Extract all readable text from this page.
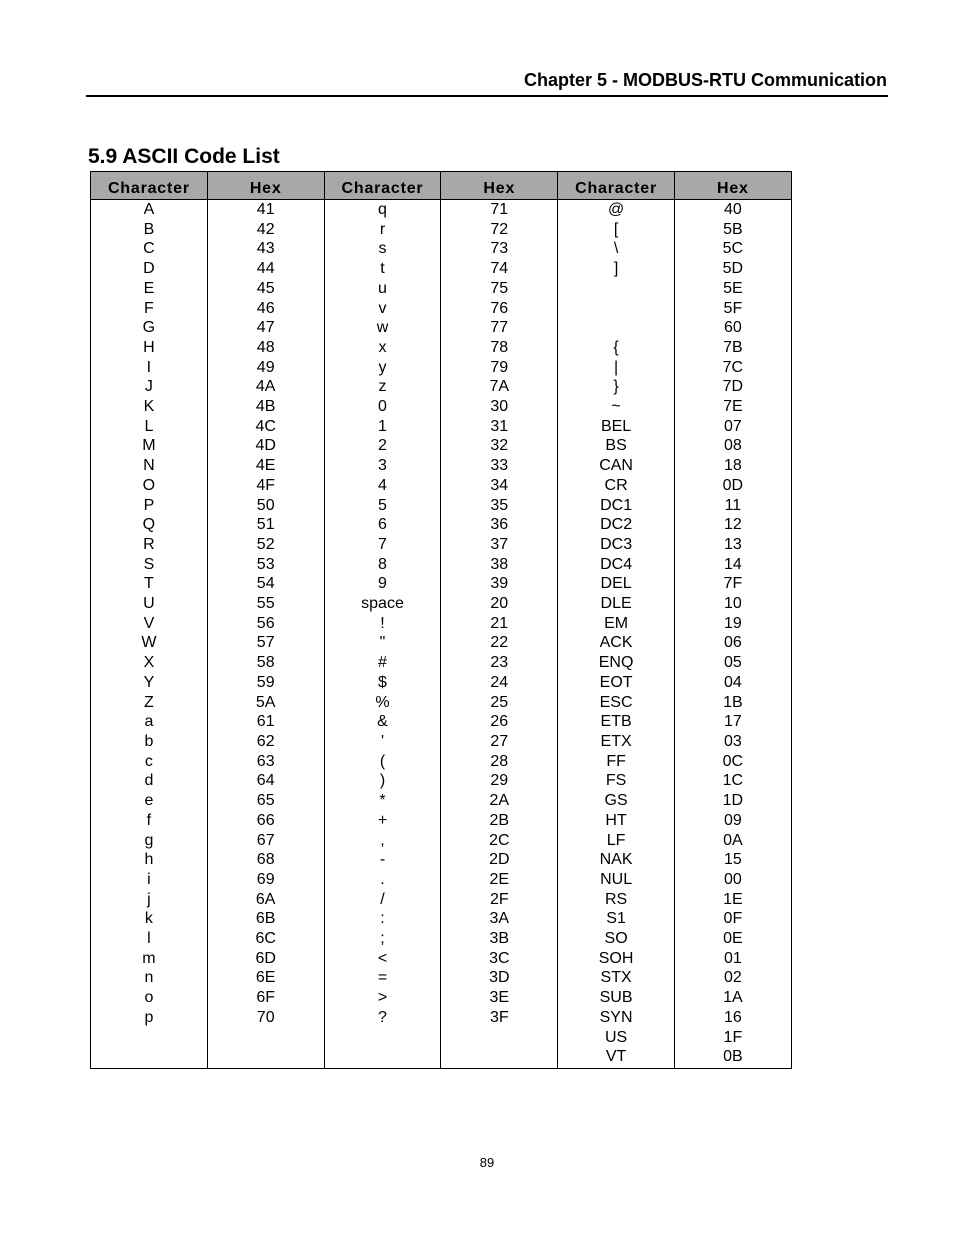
Chapter 5 - MODBUS-RTU Communication
5.9 ASCII Code List
Character	Hex	Character	Hex	Character	Hex
A	41	q	71	@	40
B	42	r	72	[	5B
C	43	s	73	\	5C
D	44	t	74	]	5D
E	45	u	75		5E
F	46	v	76		5F
G	47	w	77		60
H	48	x	78	{	7B
I	49	y	79	|	7C
J	4A	z	7A	}	7D
K	4B	0	30	~	7E
L	4C	1	31	BEL	07
M	4D	2	32	BS	08
N	4E	3	33	CAN	18
O	4F	4	34	CR	0D
P	50	5	35	DC1	11
Q	51	6	36	DC2	12
R	52	7	37	DC3	13
S	53	8	38	DC4	14
T	54	9	39	DEL	7F
U	55	space	20	DLE	10
V	56	!	21	EM	19
W	57	"	22	ACK	06
X	58	#	23	ENQ	05
Y	59	$	24	EOT	04
Z	5A	%	25	ESC	1B
a	61	&	26	ETB	17
b	62	'	27	ETX	03
c	63	(	28	FF	0C
d	64	)	29	FS	1C
e	65	*	2A	GS	1D
f	66	+	2B	HT	09
g	67	,	2C	LF	0A
h	68	-	2D	NAK	15
i	69	.	2E	NUL	00
j	6A	/	2F	RS	1E
k	6B	:	3A	S1	0F
l	6C	;	3B	SO	0E
m	6D	<	3C	SOH	01
n	6E	=	3D	STX	02
o	6F	>	3E	SUB	1A
p	70	?	3F	SYN	16
				US	1F
				VT	0B
89
